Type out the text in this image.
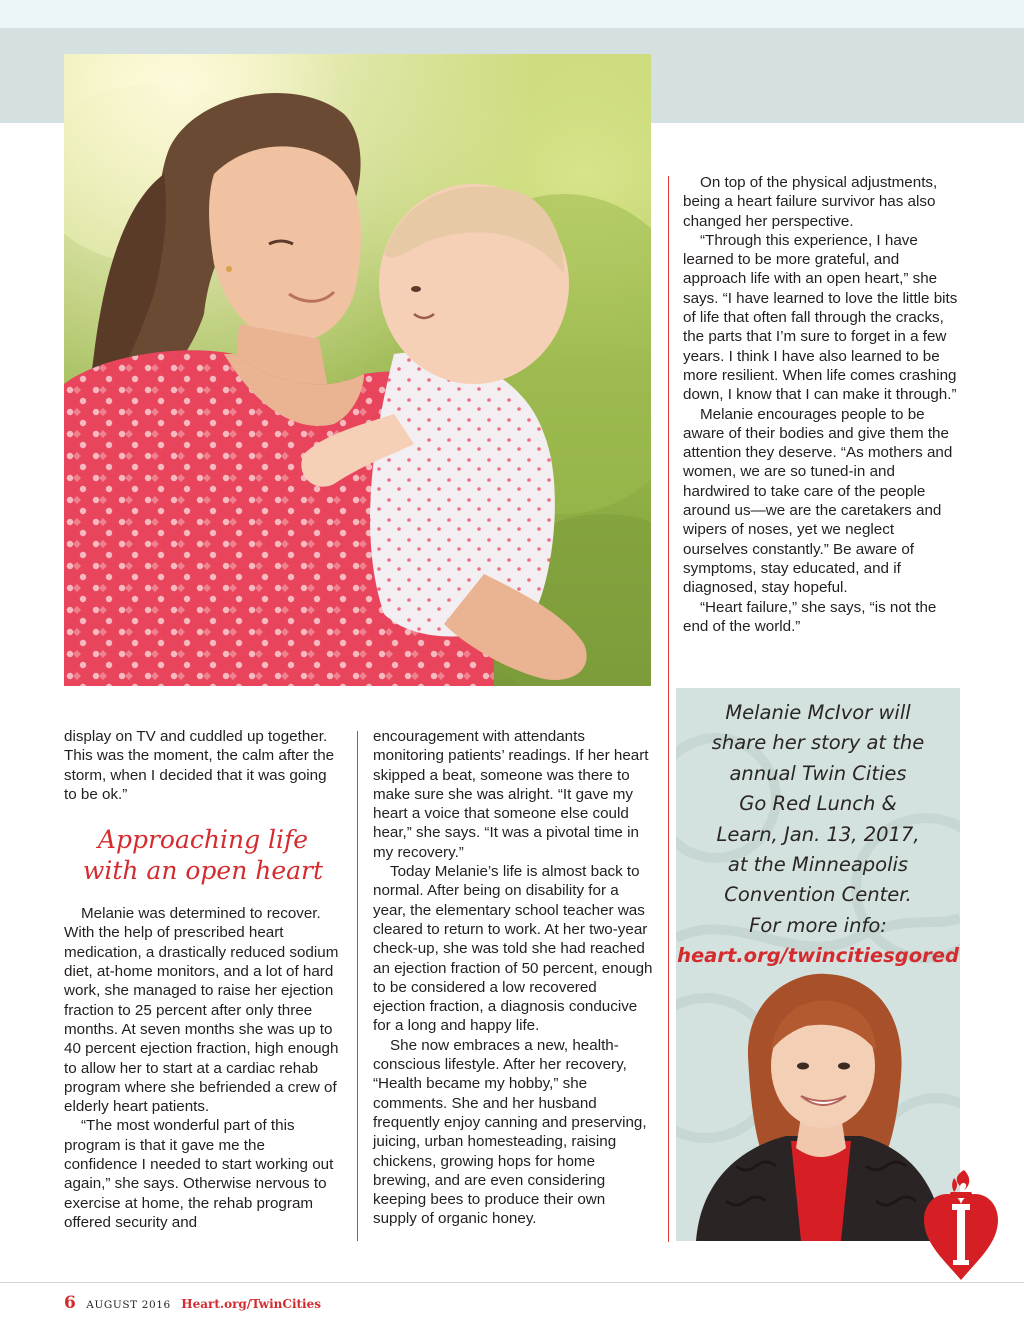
display on TV and cuddled up together. This was the moment, the calm after the storm, when I decided that it was going to be ok.”

Approaching life
with an open heart

Melanie was determined to recover. With the help of prescribed heart medication, a drastically reduced sodium diet, at-home monitors, and a lot of hard work, she managed to raise her ejection fraction to 25 percent after only three months. At seven months she was up to 40 percent ejection fraction, high enough to allow her to start at a cardiac rehab program where she befriended a crew of elderly heart patients.

“The most wonderful part of this program is that it gave me the confidence I needed to start working out again,” she says. Otherwise nervous to exercise at home, the rehab program offered security and

encouragement with attendants monitoring patients’ readings. If her heart skipped a beat, someone was there to make sure she was alright. “It gave my heart a voice that someone else could hear,” she says. “It was a pivotal time in my recovery.”

Today Melanie’s life is almost back to normal. After being on disability for a year, the elementary school teacher was cleared to return to work. At her two-year check-up, she was told she had reached an ejection fraction of 50 percent, enough to be considered a low recovered ejection fraction, a diagnosis conducive for a long and happy life.

She now embraces a new, health-conscious lifestyle. After her recovery, “Health became my hobby,” she comments. She and her husband frequently enjoy canning and preserving, juicing, urban homesteading, raising chickens, growing hops for home brewing, and are even considering keeping bees to produce their own supply of organic honey.

On top of the physical adjustments, being a heart failure survivor has also changed her perspective.

“Through this experience, I have learned to be more grateful, and approach life with an open heart,” she says. “I have learned to love the little bits of life that often fall through the cracks, the parts that I’m sure to forget in a few years. I think I have also learned to be more resilient. When life comes crashing down, I know that I can make it through.”

Melanie encourages people to be aware of their bodies and give them the attention they deserve. “As mothers and women, we are so tuned-in and hardwired to take care of the people around us—we are the caretakers and wipers of noses, yet we neglect ourselves constantly.” Be aware of symptoms, stay educated, and if diagnosed, stay hopeful.

“Heart failure,” she says, “is not the end of the world.”

Melanie McIvor will
share her story at the
annual Twin Cities
Go Red Lunch &
Learn, Jan. 13, 2017,
at the Minneapolis
Convention Center.
For more info:
heart.org/twincitiesgored
6 AUGUST 2016 Heart.org/TwinCities
